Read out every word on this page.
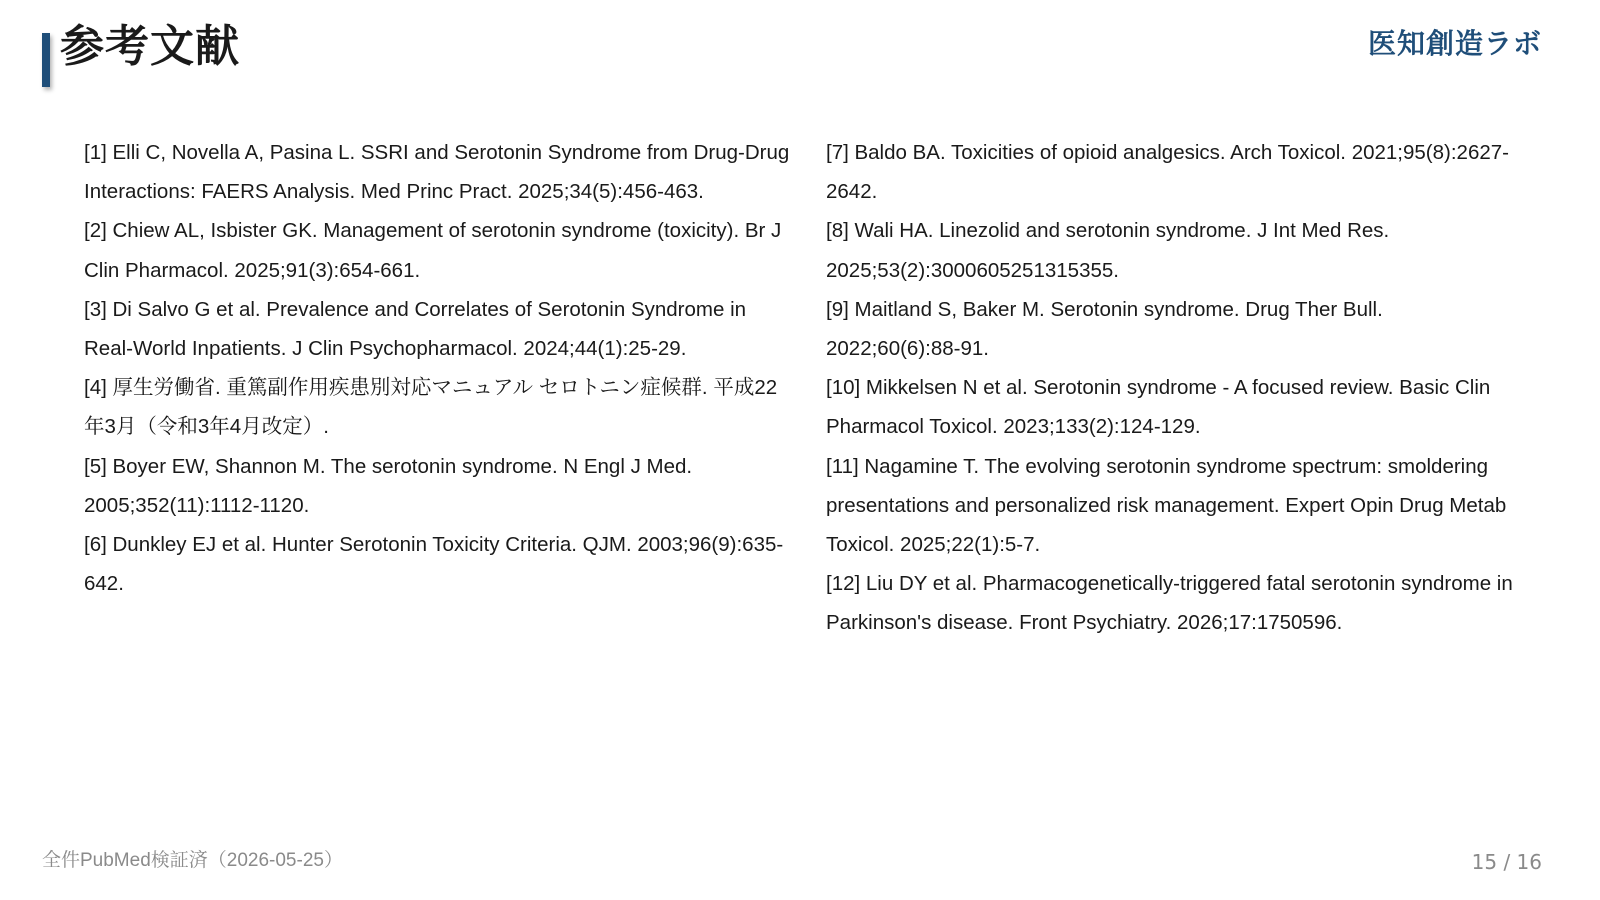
参考文献	医知創造ラボ
[1] Elli C, Novella A, Pasina L. SSRI and Serotonin Syndrome from Drug-Drug Interactions: FAERS Analysis. Med Princ Pract. 2025;34(5):456-463.
[2] Chiew AL, Isbister GK. Management of serotonin syndrome (toxicity). Br J Clin Pharmacol. 2025;91(3):654-661.
[3] Di Salvo G et al. Prevalence and Correlates of Serotonin Syndrome in Real-World Inpatients. J Clin Psychopharmacol. 2024;44(1):25-29.
[4] 厚生労働省. 重篤副作用疾患別対応マニュアル セロトニン症候群. 平成22年3月（令和3年4月改定）.
[5] Boyer EW, Shannon M. The serotonin syndrome. N Engl J Med. 2005;352(11):1112-1120.
[6] Dunkley EJ et al. Hunter Serotonin Toxicity Criteria. QJM. 2003;96(9):635-642.
[7] Baldo BA. Toxicities of opioid analgesics. Arch Toxicol. 2021;95(8):2627-2642.
[8] Wali HA. Linezolid and serotonin syndrome. J Int Med Res. 2025;53(2):3000605251315355.
[9] Maitland S, Baker M. Serotonin syndrome. Drug Ther Bull. 2022;60(6):88-91.
[10] Mikkelsen N et al. Serotonin syndrome - A focused review. Basic Clin Pharmacol Toxicol. 2023;133(2):124-129.
[11] Nagamine T. The evolving serotonin syndrome spectrum: smoldering presentations and personalized risk management. Expert Opin Drug Metab Toxicol. 2025;22(1):5-7.
[12] Liu DY et al. Pharmacogenetically-triggered fatal serotonin syndrome in Parkinson's disease. Front Psychiatry. 2026;17:1750596.
全件PubMed検証済（2026-05-25）	15 / 16
